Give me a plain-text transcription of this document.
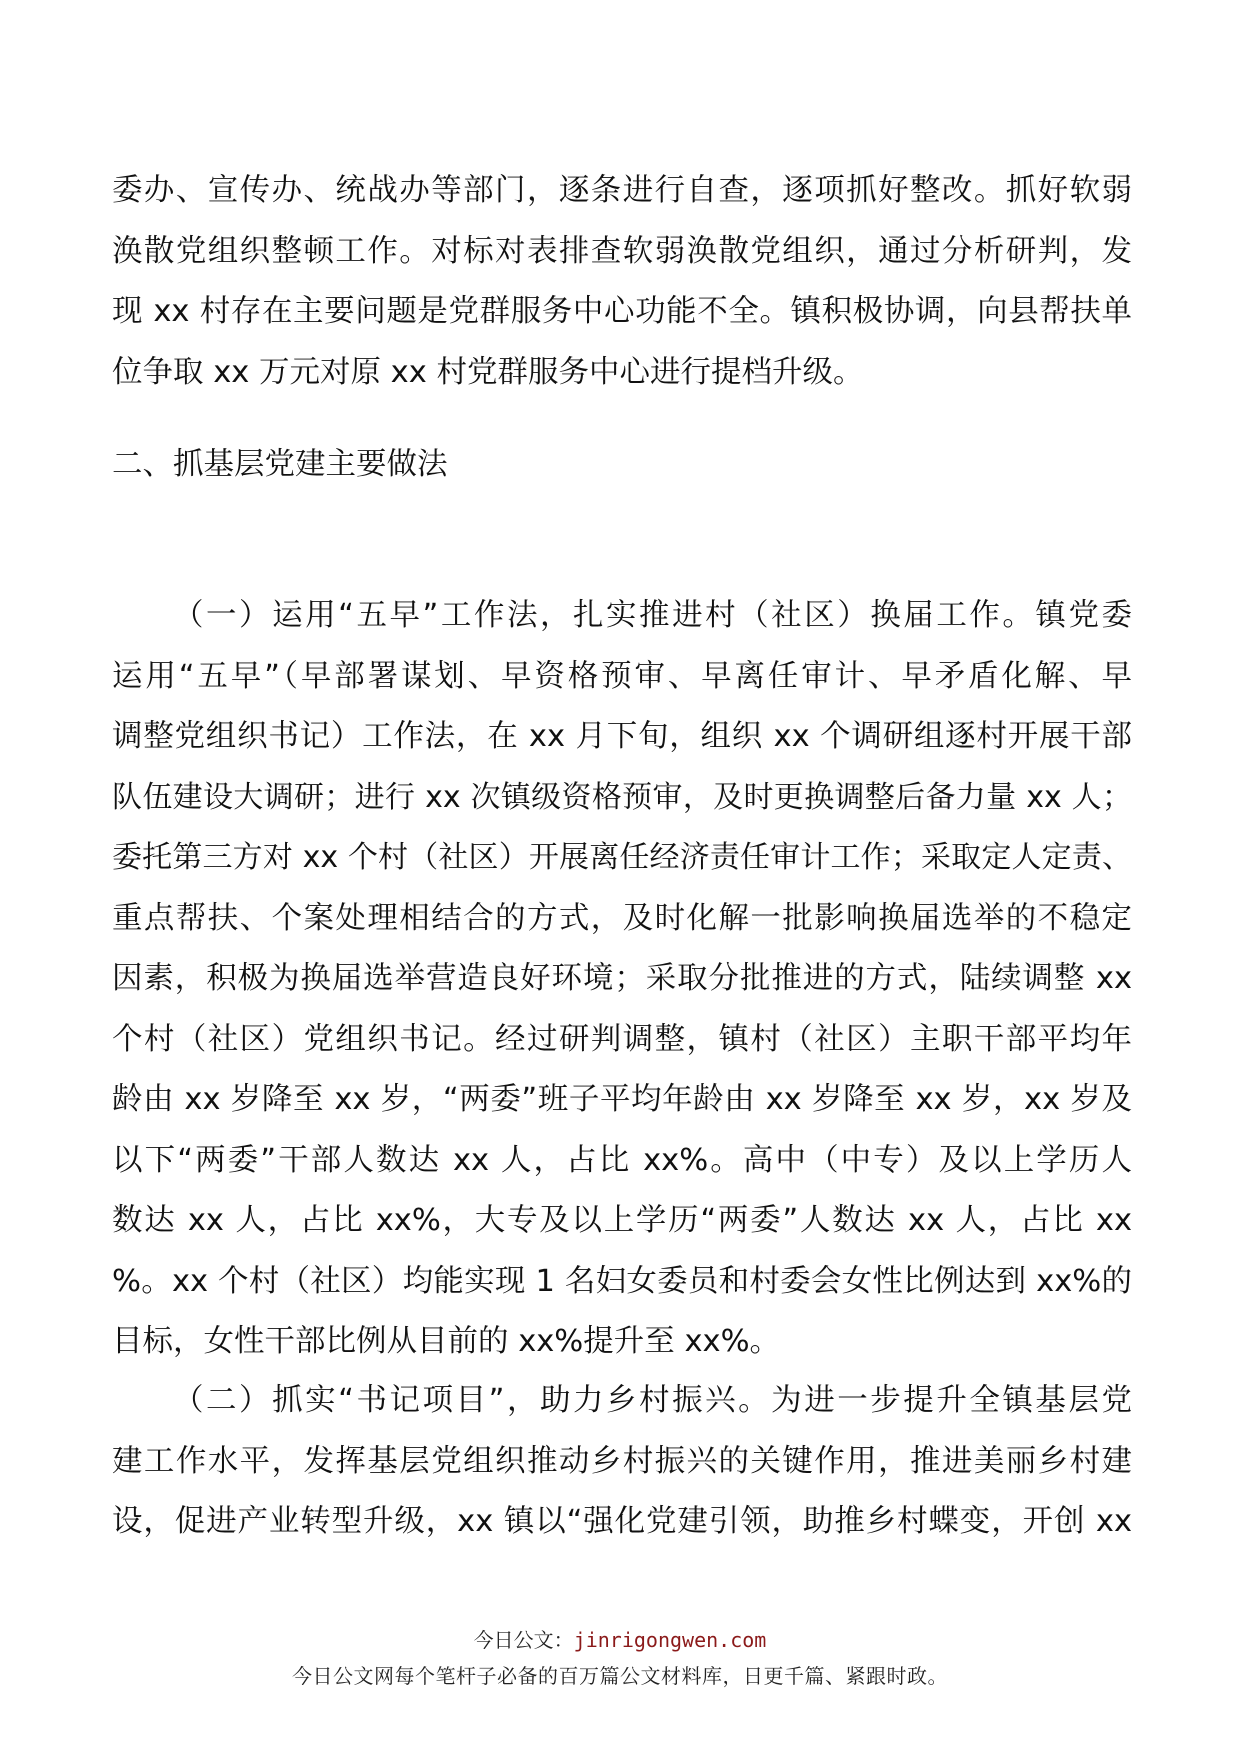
委办、宣传办、统战办等部门，逐条进行自查，逐项抓好整改。抓好软弱
涣散党组织整顿工作。对标对表排查软弱涣散党组织，通过分析研判，发
现 xx 村存在主要问题是党群服务中心功能不全。镇积极协调，向县帮扶单
位争取 xx 万元对原 xx 村党群服务中心进行提档升级。
二、抓基层党建主要做法
（一）运用“五早”工作法，扎实推进村（社区）换届工作。镇党委
运用“五早”（早部署谋划、早资格预审、早离任审计、早矛盾化解、早
调整党组织书记）工作法，在 xx 月下旬，组织 xx 个调研组逐村开展干部
队伍建设大调研；进行 xx 次镇级资格预审，及时更换调整后备力量 xx 人；
委托第三方对 xx 个村（社区）开展离任经济责任审计工作；采取定人定责、
重点帮扶、个案处理相结合的方式，及时化解一批影响换届选举的不稳定
因素，积极为换届选举营造良好环境；采取分批推进的方式，陆续调整 xx
个村（社区）党组织书记。经过研判调整，镇村（社区）主职干部平均年
龄由 xx 岁降至 xx 岁，“两委”班子平均年龄由 xx 岁降至 xx 岁，xx 岁及
以下“两委”干部人数达 xx 人，占比 xx%。高中（中专）及以上学历人
数达 xx 人，占比 xx%，大专及以上学历“两委”人数达 xx 人，占比 xx
%。xx 个村（社区）均能实现 1 名妇女委员和村委会女性比例达到 xx%的
目标，女性干部比例从目前的 xx%提升至 xx%。
（二）抓实“书记项目”，助力乡村振兴。为进一步提升全镇基层党
建工作水平，发挥基层党组织推动乡村振兴的关键作用，推进美丽乡村建
设，促进产业转型升级，xx 镇以“强化党建引领，助推乡村蝶变，开创 xx
今日公文：jinrigongwen.com
今日公文网每个笔杆子必备的百万篇公文材料库，日更千篇、紧跟时政。
